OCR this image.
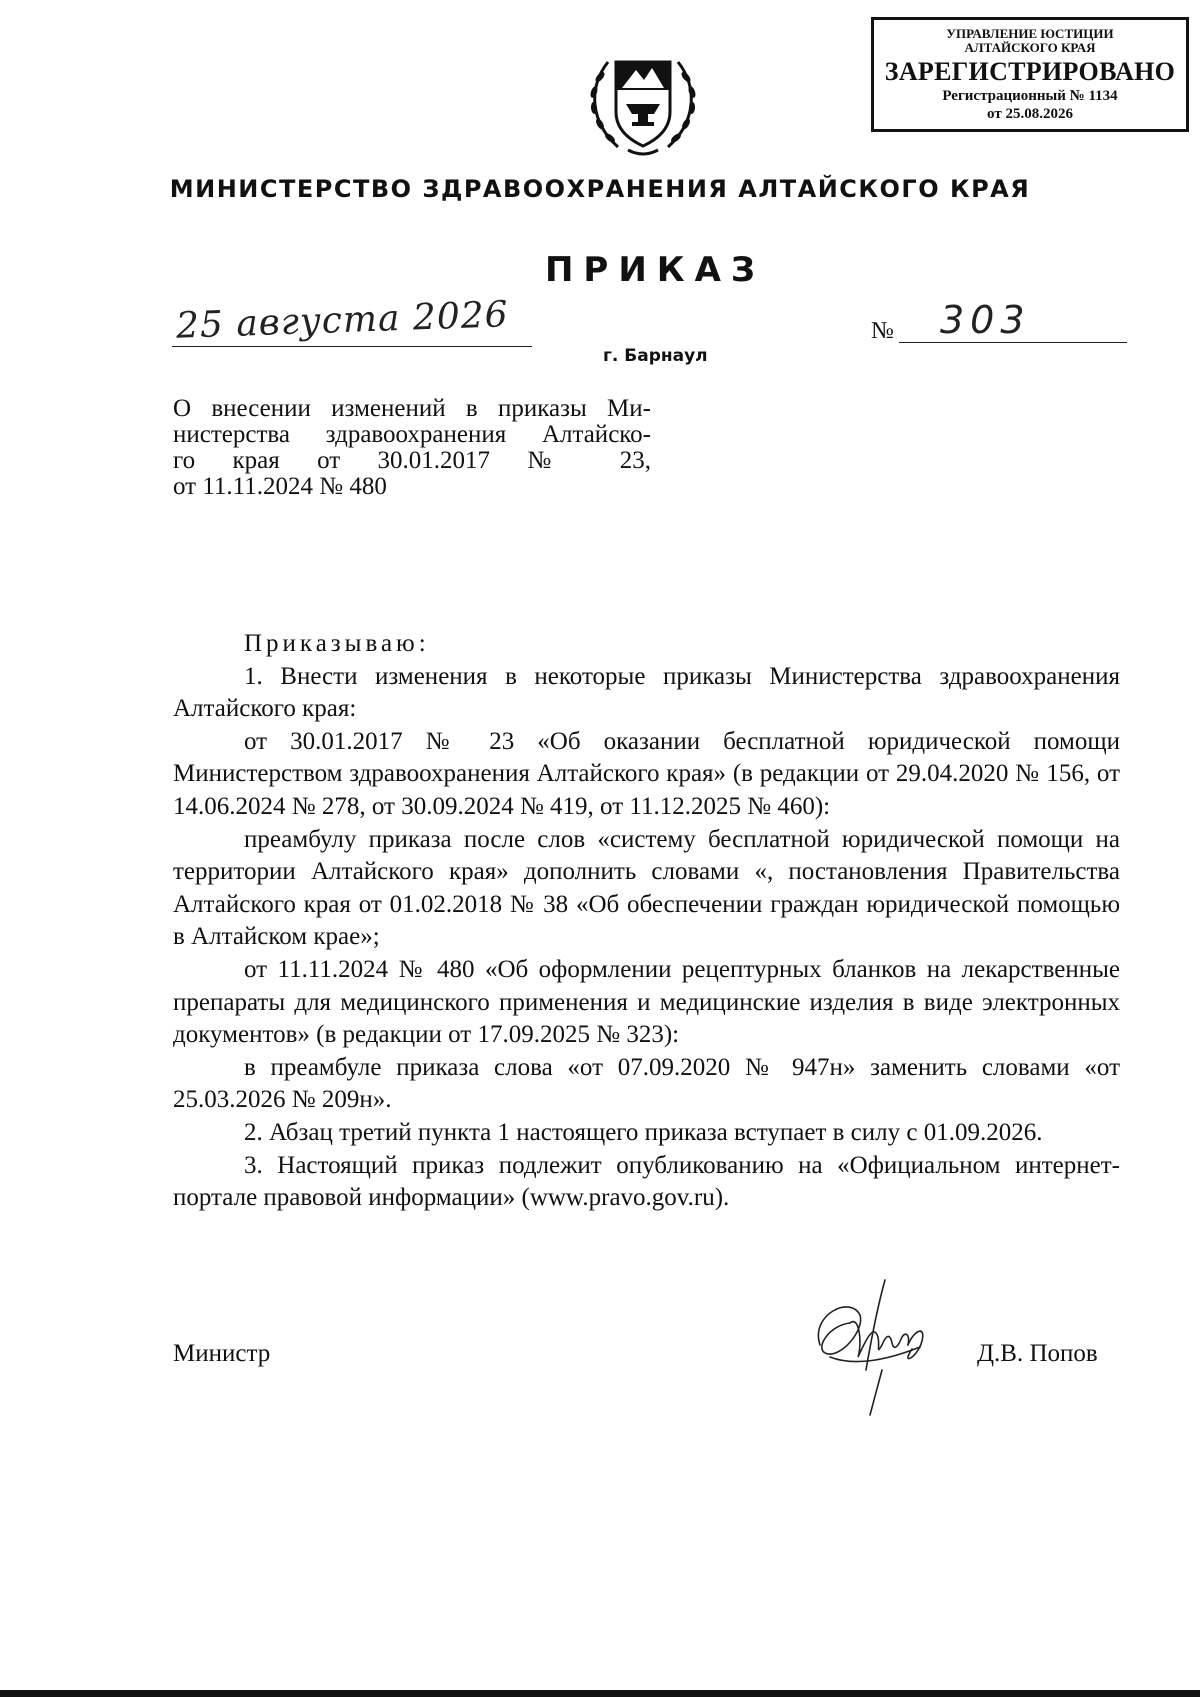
УПРАВЛЕНИЕ ЮСТИЦИИ
АЛТАЙСКОГО КРАЯ
ЗАРЕГИСТРИРОВАНО
Регистрационный № 1134
от 25.08.2026
МИНИСТЕРСТВО ЗДРАВООХРАНЕНИЯ АЛТАЙСКОГО КРАЯ
ПРИКАЗ
25 августа 2026
г. Барнаул
№ 303
О внесении изменений в приказы Ми-
нистерства здравоохранения Алтайско-
го края от 30.01.2017 № 23,
от 11.11.2024 № 480

Приказываю:

1. Внести изменения в некоторые приказы Министерства здравоохранения Алтайского края:

от 30.01.2017 № 23 «Об оказании бесплатной юридической помощи Министерством здравоохранения Алтайского края» (в редакции от 29.04.2020 № 156, от 14.06.2024 № 278, от 30.09.2024 № 419, от 11.12.2025 № 460):

преамбулу приказа после слов «систему бесплатной юридической помощи на территории Алтайского края» дополнить словами «, постановления Правительства Алтайского края от 01.02.2018 № 38 «Об обеспечении граждан юридической помощью в Алтайском крае»;

от 11.11.2024 № 480 «Об оформлении рецептурных бланков на лекарственные препараты для медицинского применения и медицинские изделия в виде электронных документов» (в редакции от 17.09.2025 № 323):

в преамбуле приказа слова «от 07.09.2020 № 947н» заменить словами «от 25.03.2026 № 209н».

2. Абзац третий пункта 1 настоящего приказа вступает в силу с 01.09.2026.

3. Настоящий приказ подлежит опубликованию на «Официальном интернет-портале правовой информации» (www.pravo.gov.ru).

Министр	Д.В. Попов
